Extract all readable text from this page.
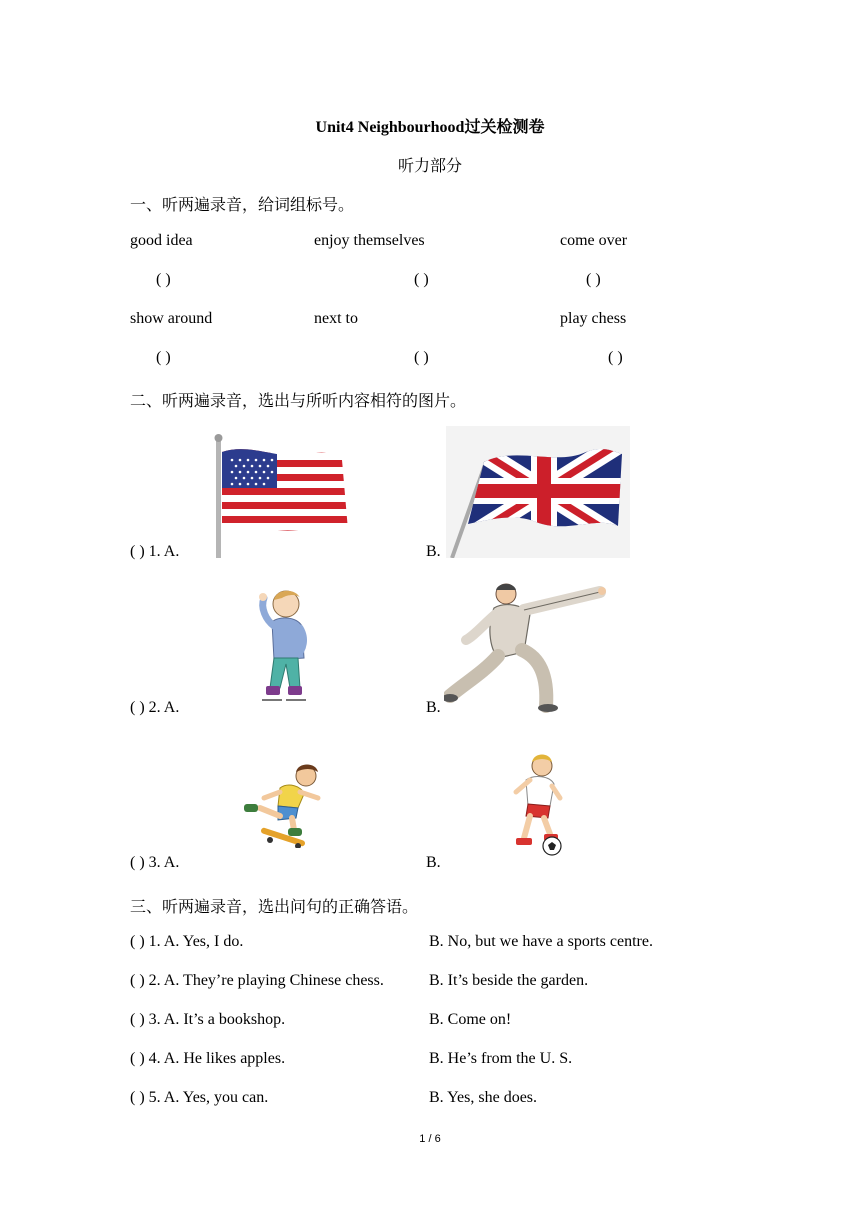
Unit4 Neighbourhood过关检测卷
听力部分
一、听两遍录音，给词组标号。
good idea	enjoy themselves	come over
( )	( )	( )
show around	next to	play chess
( )	( )	( )
二、听两遍录音，选出与所听内容相符的图片。
( ) 1. A.	B.
( ) 2. A.	B.
( ) 3. A.	B.
三、听两遍录音，选出问句的正确答语。
( ) 1. A. Yes, I do.	B. No, but we have a sports centre.
( ) 2. A. They’re playing Chinese chess.	B. It’s beside the garden.
( ) 3. A. It’s a bookshop.	B. Come on!
( ) 4. A. He likes apples.	B. He’s from the U. S.
( ) 5. A. Yes, you can.	B. Yes, she does.
1 / 6
